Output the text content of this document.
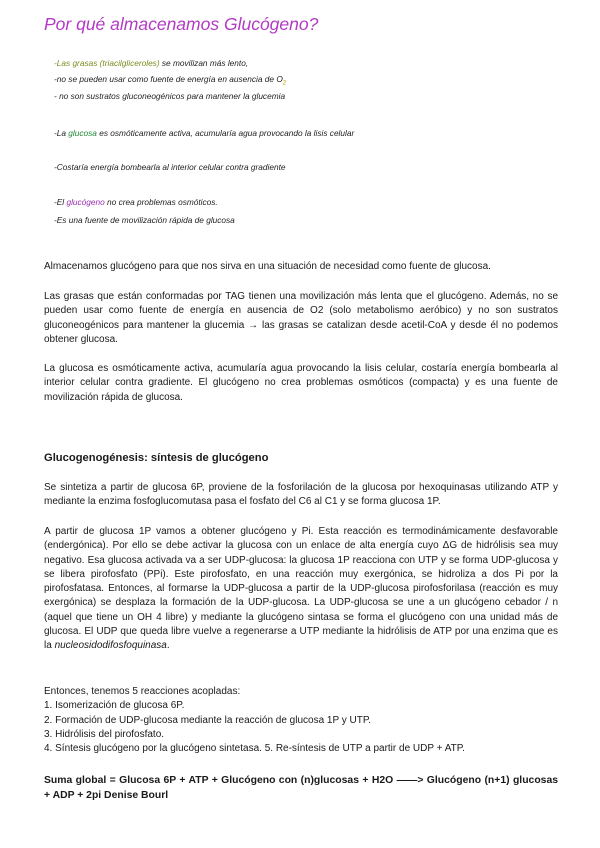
Por qué almacenamos Glucógeno?
-Las grasas (triacilgliceroles) se movilizan más lento,
-no se pueden usar como fuente de energía en ausencia de $O_2$
- no son sustratos gluconeogénicos para mantener la glucemia
-La glucosa es osmóticamente activa, acumularía agua provocando la lisis celular
-Costaría energía bombearla al interior celular contra gradiente
-El glucógeno no crea problemas osmóticos.
-Es una fuente de movilización rápida de glucosa
Almacenamos glucógeno para que nos sirva en una situación de necesidad como fuente de glucosa.
Las grasas que están conformadas por TAG tienen una movilización más lenta que el glucógeno. Además, no se pueden usar como fuente de energía en ausencia de O2 (solo metabolismo aeróbico) y no son sustratos gluconeogénicos para mantener la glucemia → las grasas se catalizan desde acetil-CoA y desde él no podemos obtener glucosa.
La glucosa es osmóticamente activa, acumularía agua provocando la lisis celular, costaría energía bombearla al interior celular contra gradiente. El glucógeno no crea problemas osmóticos (compacta) y es una fuente de movilización rápida de glucosa.
Glucogenogénesis: síntesis de glucógeno
Se sintetiza a partir de glucosa 6P, proviene de la fosforilación de la glucosa por hexoquinasas utilizando ATP y mediante la enzima fosfoglucomutasa pasa el fosfato del C6 al C1 y se forma glucosa 1P.
A partir de glucosa 1P vamos a obtener glucógeno y Pi. Esta reacción es termodinámicamente desfavorable (endergónica). Por ello se debe activar la glucosa con un enlace de alta energía cuyo ΔG de hidrólisis sea muy negativo. Esa glucosa activada va a ser UDP-glucosa: la glucosa 1P reacciona con UTP y se forma UDP-glucosa y se libera pirofosfato (PPi). Este pirofosfato, en una reacción muy exergónica, se hidroliza a dos Pi por la pirofosfatasa. Entonces, al formarse la UDP-glucosa a partir de la UDP-glucosa pirofosforilasa (reacción es muy exergónica) se desplaza la formación de la UDP-glucosa. La UDP-glucosa se une a un glucógeno cebador / n (aquel que tiene un OH 4 libre) y mediante la glucógeno sintasa se forma el glucógeno con una unidad más de glucosa. El UDP que queda libre vuelve a regenerarse a UTP mediante la hidrólisis de ATP por una enzima que es la nucleosidodifosfoquinasa.
Entonces, tenemos 5 reacciones acopladas:
1. Isomerización de glucosa 6P.
2. Formación de UDP-glucosa mediante la reacción de glucosa 1P y UTP.
3. Hidrólisis del pirofosfato.
4. Síntesis glucógeno por la glucógeno sintetasa. 5. Re-síntesis de UTP a partir de UDP + ATP.
Suma global = Glucosa 6P + ATP + Glucógeno con (n)glucosas + H2O ——> Glucógeno (n+1) glucosas + ADP + 2pi Denise Bourl
